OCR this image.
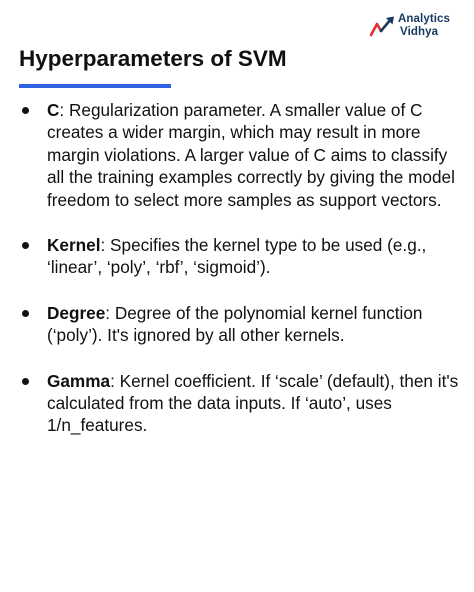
Analytics
Vidhya
Hyperparameters of SVM
C: Regularization parameter. A smaller value of C creates a wider margin, which may result in more margin violations. A larger value of C aims to classify all the training examples correctly by giving the model freedom to select more samples as support vectors.
Kernel: Specifies the kernel type to be used (e.g., ‘linear’, ‘poly’, ‘rbf’, ‘sigmoid’).
Degree: Degree of the polynomial kernel function (‘poly’). It's ignored by all other kernels.
Gamma: Kernel coefficient. If ‘scale’ (default), then it's calculated from the data inputs. If ‘auto’, uses 1/n_features.
